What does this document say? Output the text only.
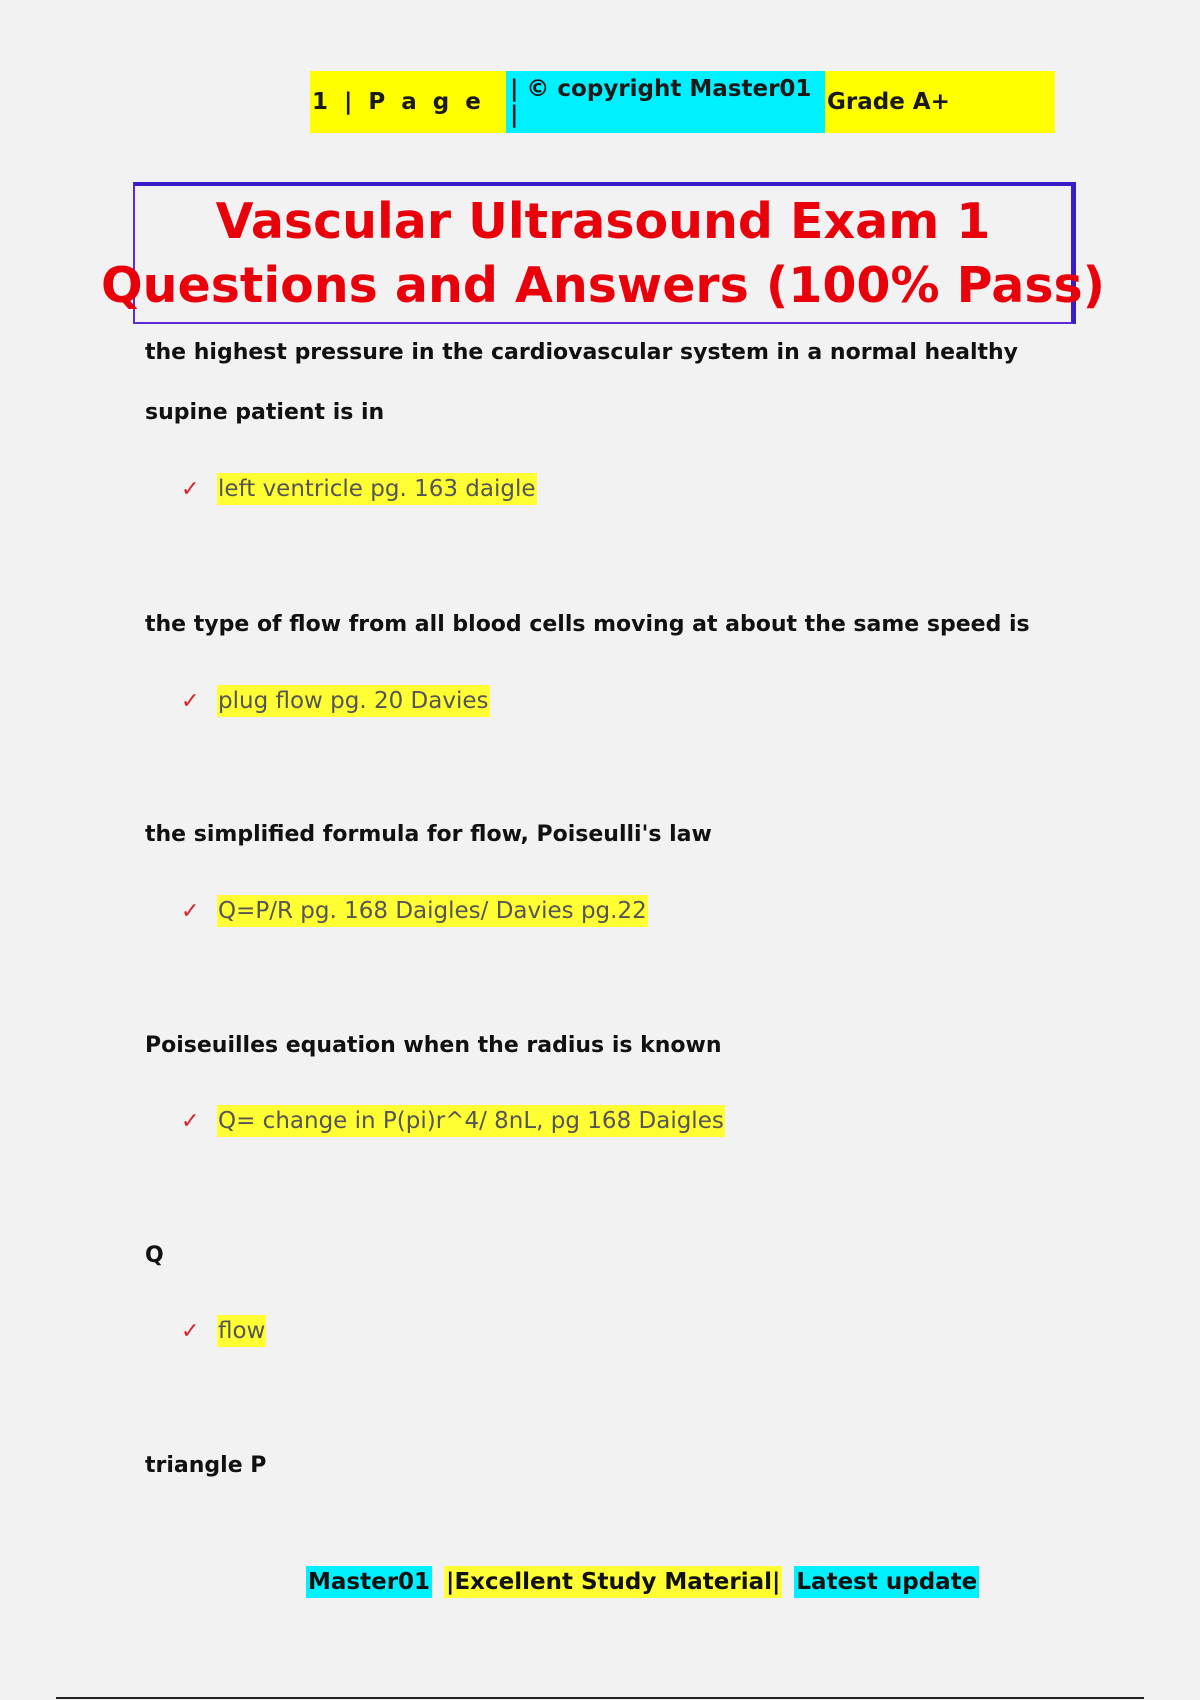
1 | P a g e	| © copyright Master01 |	Grade A+
Vascular Ultrasound Exam 1
Questions and Answers (100% Pass)
the highest pressure in the cardiovascular system in a normal healthy supine patient is in
✓ left ventricle pg. 163 daigle
the type of flow from all blood cells moving at about the same speed is
✓ plug flow pg. 20 Davies
the simplified formula for flow, Poiseulli's law
✓ Q=P/R pg. 168 Daigles/ Davies pg.22
Poiseuilles equation when the radius is known
✓ Q= change in P(pi)r^4/ 8nL, pg 168 Daigles
Q
✓ flow
triangle P
Master01 |Excellent Study Material| Latest update
